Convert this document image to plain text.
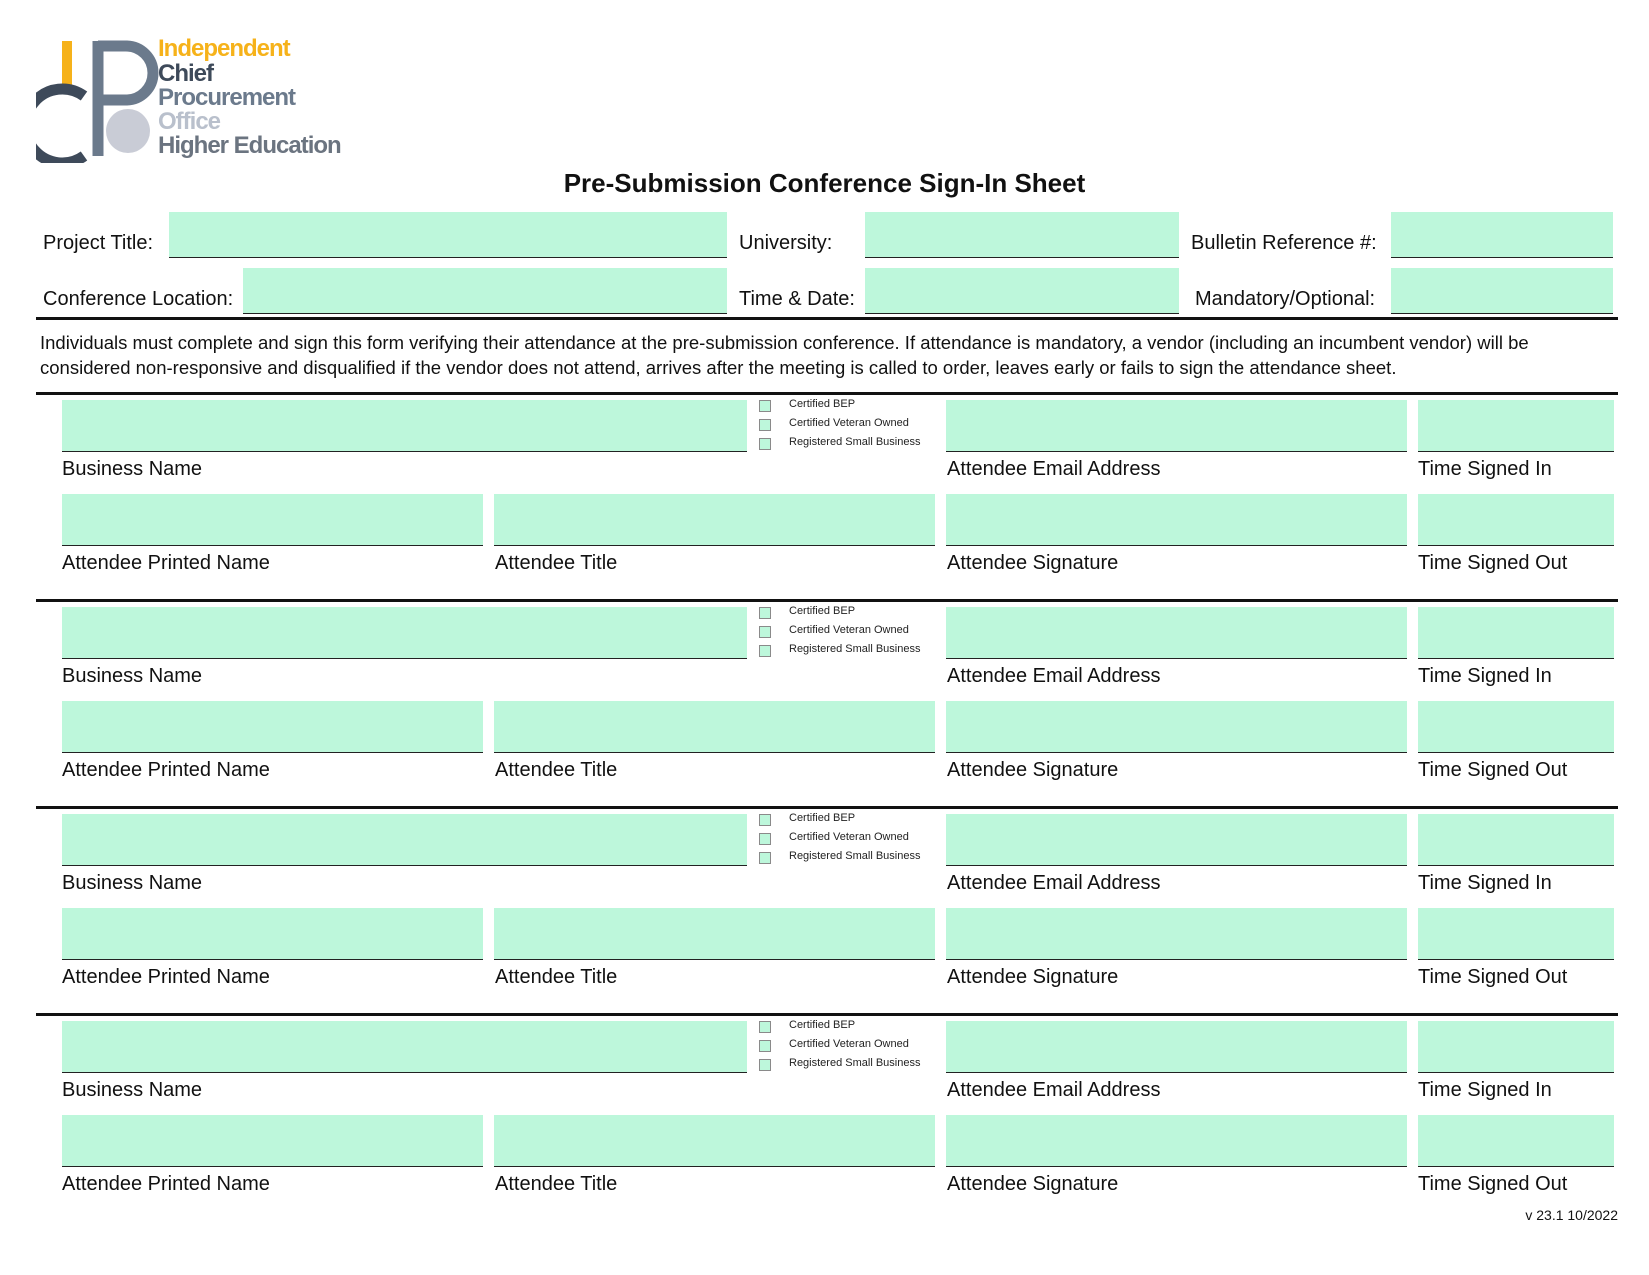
Independent
Chief
Procurement
Office
Higher Education
Pre-Submission Conference Sign-In Sheet
Project Title:	University:	Bulletin Reference #:
Conference Location:	Time & Date:	Mandatory/Optional:
Individuals must complete and sign this form verifying their attendance at the pre-submission conference. If attendance is mandatory, a vendor (including an incumbent vendor) will be considered non-responsive and disqualified if the vendor does not attend, arrives after the meeting is called to order, leaves early or fails to sign the attendance sheet.
Certified BEP
Certified Veteran Owned
Registered Small Business
Business Name	Attendee Email Address	Time Signed In
Attendee Printed Name	Attendee Title	Attendee Signature	Time Signed Out
Certified BEP
Certified Veteran Owned
Registered Small Business
Business Name	Attendee Email Address	Time Signed In
Attendee Printed Name	Attendee Title	Attendee Signature	Time Signed Out
Certified BEP
Certified Veteran Owned
Registered Small Business
Business Name	Attendee Email Address	Time Signed In
Attendee Printed Name	Attendee Title	Attendee Signature	Time Signed Out
Certified BEP
Certified Veteran Owned
Registered Small Business
Business Name	Attendee Email Address	Time Signed In
Attendee Printed Name	Attendee Title	Attendee Signature	Time Signed Out
v 23.1 10/2022
